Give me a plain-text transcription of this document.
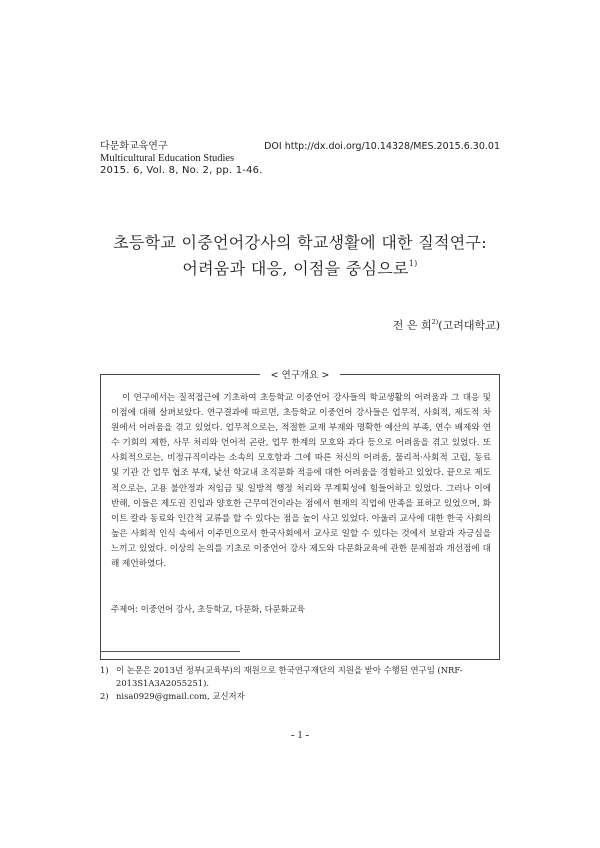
다문화교육연구
Multicultural Education Studies
2015. 6, Vol. 8, No. 2, pp. 1-46.
DOI http://dx.doi.org/10.14328/MES.2015.6.30.01
초등학교 이중언어강사의 학교생활에 대한 질적연구:
어려움과 대응, 이점을 중심으로$^{1)}$
전 은 희$^{2)}$(고려대학교)
< 연구개요 >
이 연구에서는 질적접근에 기초하여 초등학교 이중언어 강사들의 학교생활의 어려움과 그 대응 및 이점에 대해 살펴보았다. 연구결과에 따르면, 초등학교 이중언어 강사들은 업무적, 사회적, 제도적 차원에서 어려움을 겪고 있었다. 업무적으로는, 적절한 교재 부재와 명확한 예산의 부족, 연수 배제와 연수 기회의 제한, 사무 처리와 언어적 곤란, 업무 한계의 모호와 과다 등으로 어려움을 겪고 있었다. 또 사회적으로는, 비정규직이라는 소속의 모호함과 그에 따른 처신의 어려움, 물리적·사회적 고립, 동료 및 기관 간 업무 협조 부재, 낯선 학교내 조직문화 적응에 대한 어려움을 경험하고 있었다. 끝으로 제도적으로는, 고용 불안정과 저임금 및 일방적 행정 처리와 무계획성에 힘들어하고 있었다. 그러나 이에 반해, 이들은 제도권 진입과 양호한 근무여건이라는 점에서 현재의 직업에 만족을 표하고 있었으며, 화이트 칼라 동료와 인간적 교류를 할 수 있다는 점을 높이 사고 있었다. 아울러 교사에 대한 한국 사회의 높은 사회적 인식 속에서 이주민으로서 한국사회에서 교사로 일할 수 있다는 것에서 보람과 자긍심을 느끼고 있었다. 이상의 논의를 기초로 이중언어 강사 제도와 다문화교육에 관한 문제점과 개선점에 대해 제언하였다.
주제어: 이중언어 강사, 초등학교, 다문화, 다문화교육
1) 이 논문은 2013년 정부(교육부)의 재원으로 한국연구재단의 지원을 받아 수행된 연구임 (NRF-2013S1A3A2055251).
2) nisa0929@gmail.com, 교신저자
- 1 -
